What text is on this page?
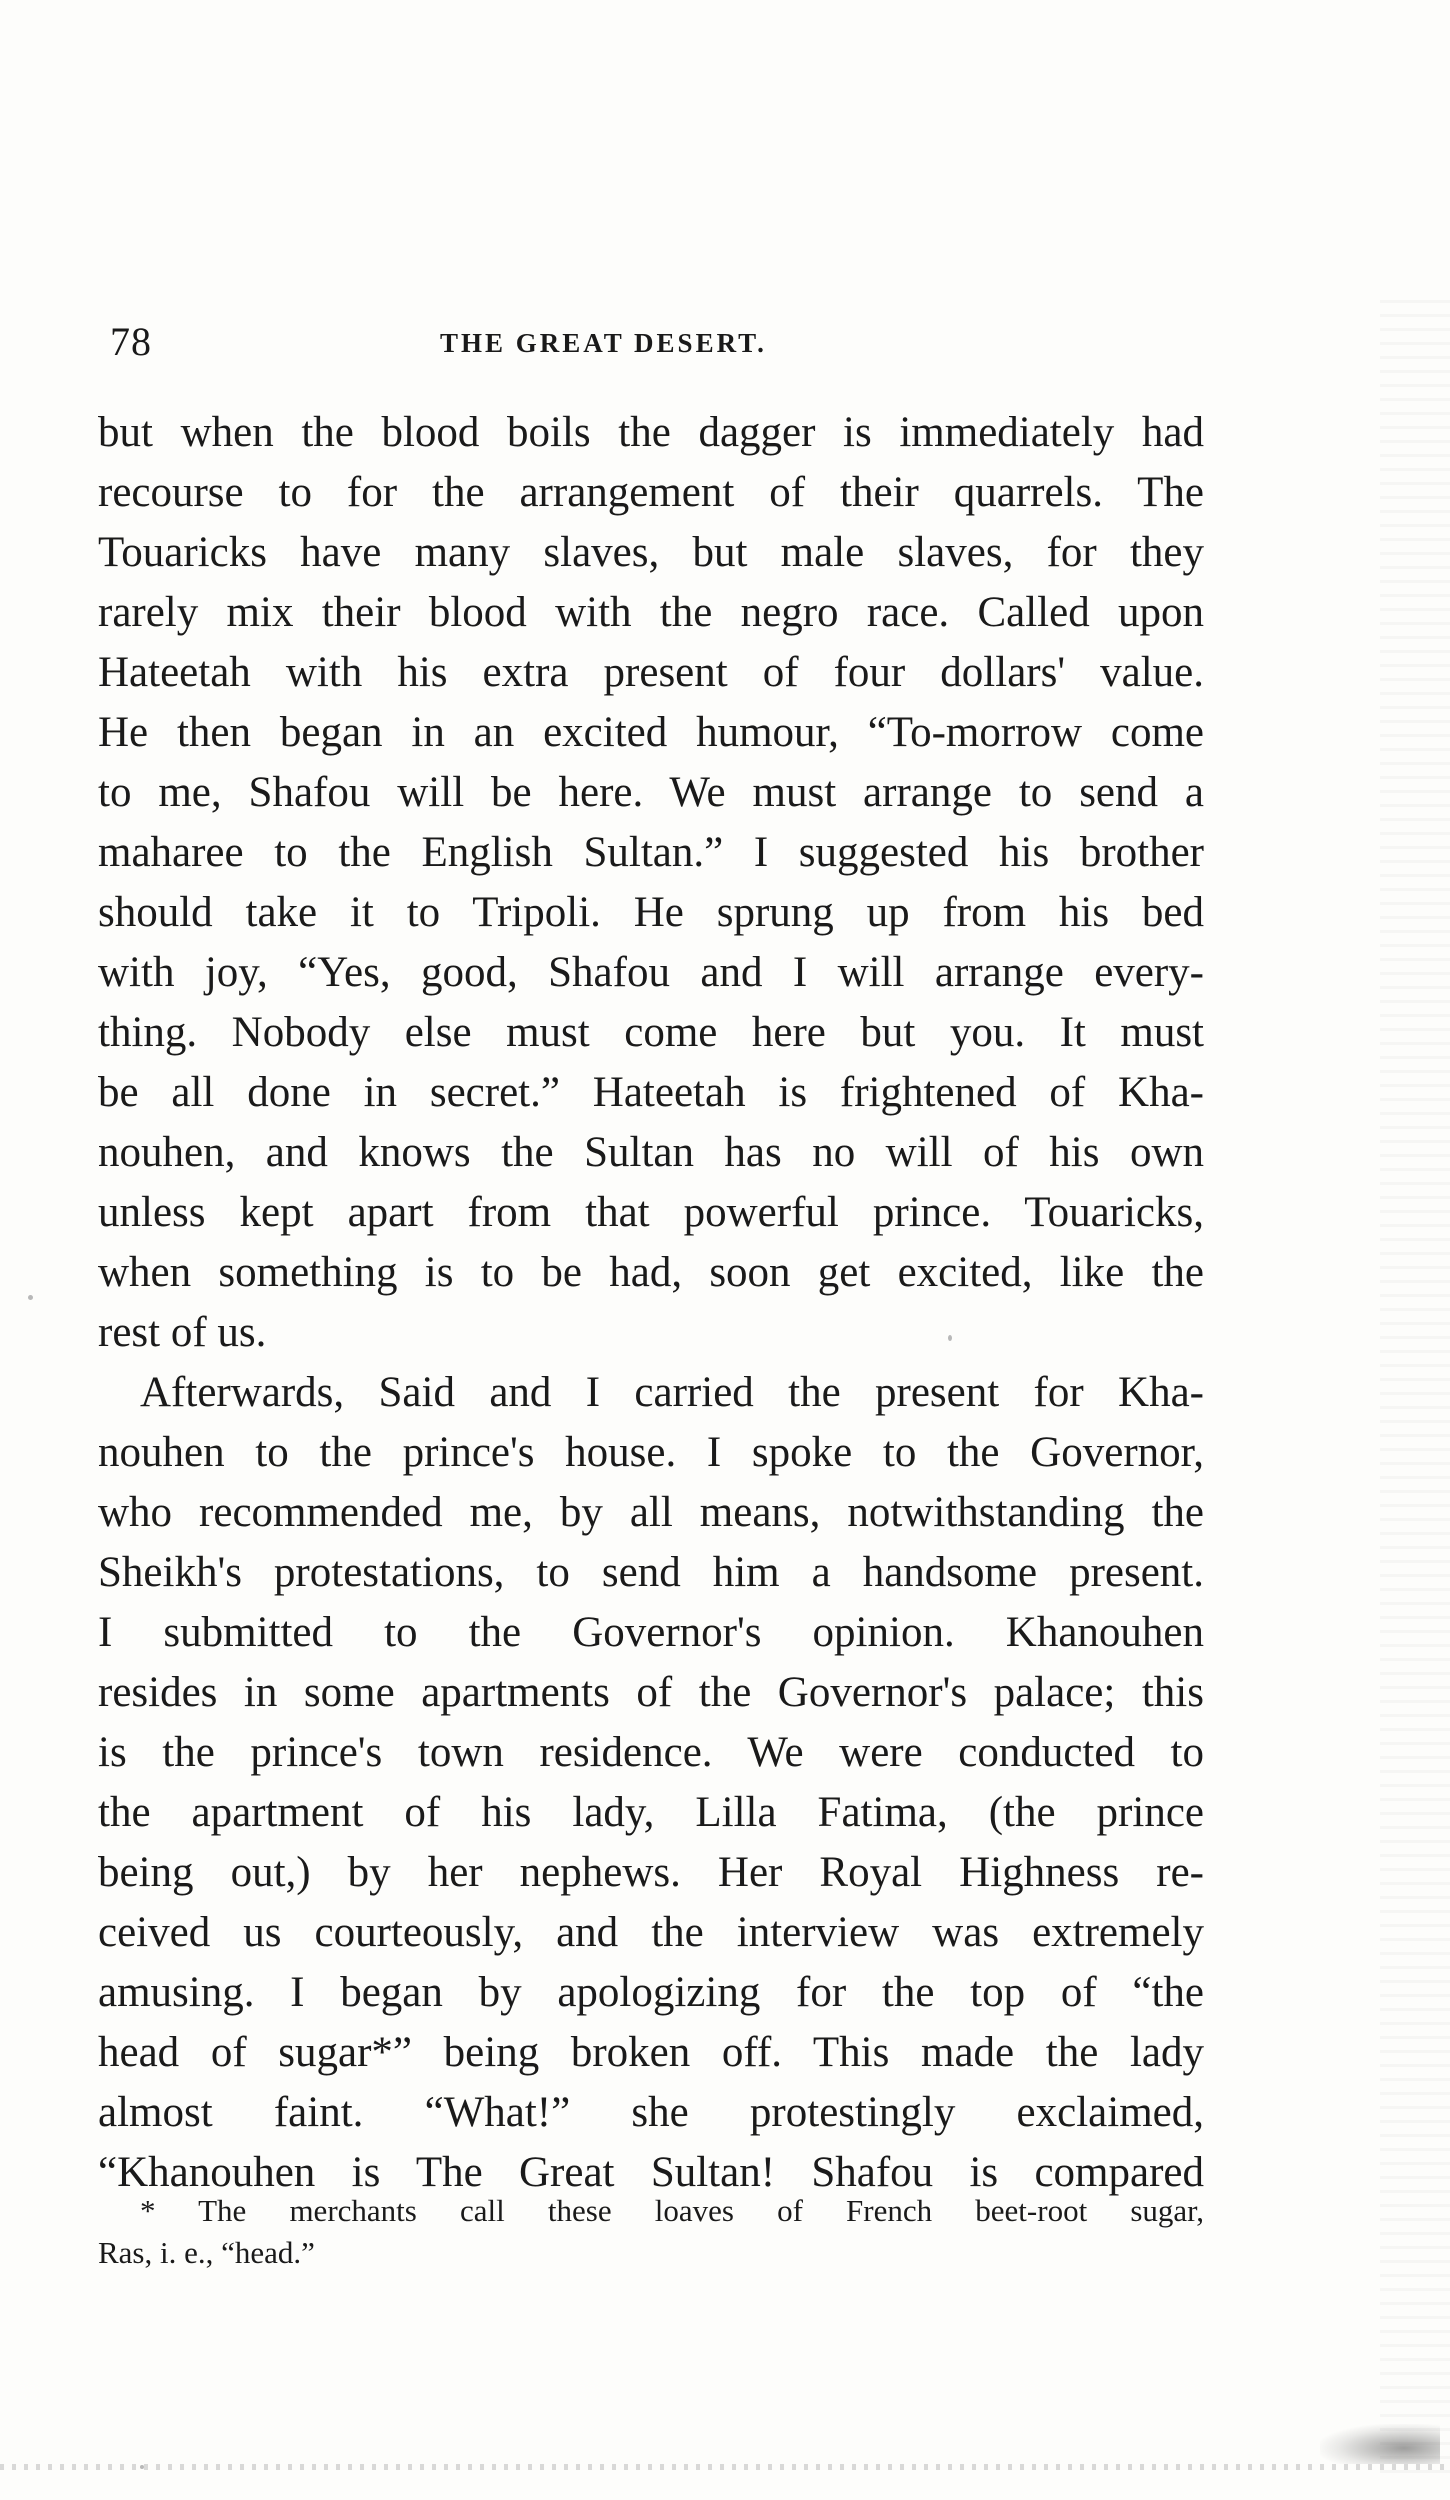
78	THE GREAT DESERT.
but when the blood boils the dagger is immediately had
recourse to for the arrangement of their quarrels. The
Touaricks have many slaves, but male slaves, for they
rarely mix their blood with the negro race. Called upon
Hateetah with his extra present of four dollars' value.
He then began in an excited humour, “To-morrow come
to me, Shafou will be here. We must arrange to send a
maharee to the English Sultan.” I suggested his brother
should take it to Tripoli. He sprung up from his bed
with joy, “Yes, good, Shafou and I will arrange every-
thing. Nobody else must come here but you. It must
be all done in secret.” Hateetah is frightened of Kha-
nouhen, and knows the Sultan has no will of his own
unless kept apart from that powerful prince. Touaricks,
when something is to be had, soon get excited, like the
rest of us.
Afterwards, Said and I carried the present for Kha-
nouhen to the prince's house. I spoke to the Governor,
who recommended me, by all means, notwithstanding the
Sheikh's protestations, to send him a handsome present.
I submitted to the Governor's opinion. Khanouhen
resides in some apartments of the Governor's palace; this
is the prince's town residence. We were conducted to
the apartment of his lady, Lilla Fatima, (the prince
being out,) by her nephews. Her Royal Highness re-
ceived us courteously, and the interview was extremely
amusing. I began by apologizing for the top of “the
head of sugar*” being broken off. This made the lady
almost faint. “What!” she protestingly exclaimed,
“Khanouhen is The Great Sultan! Shafou is compared
* The merchants call these loaves of French beet-root sugar,
Ras, i. e., “head.”
